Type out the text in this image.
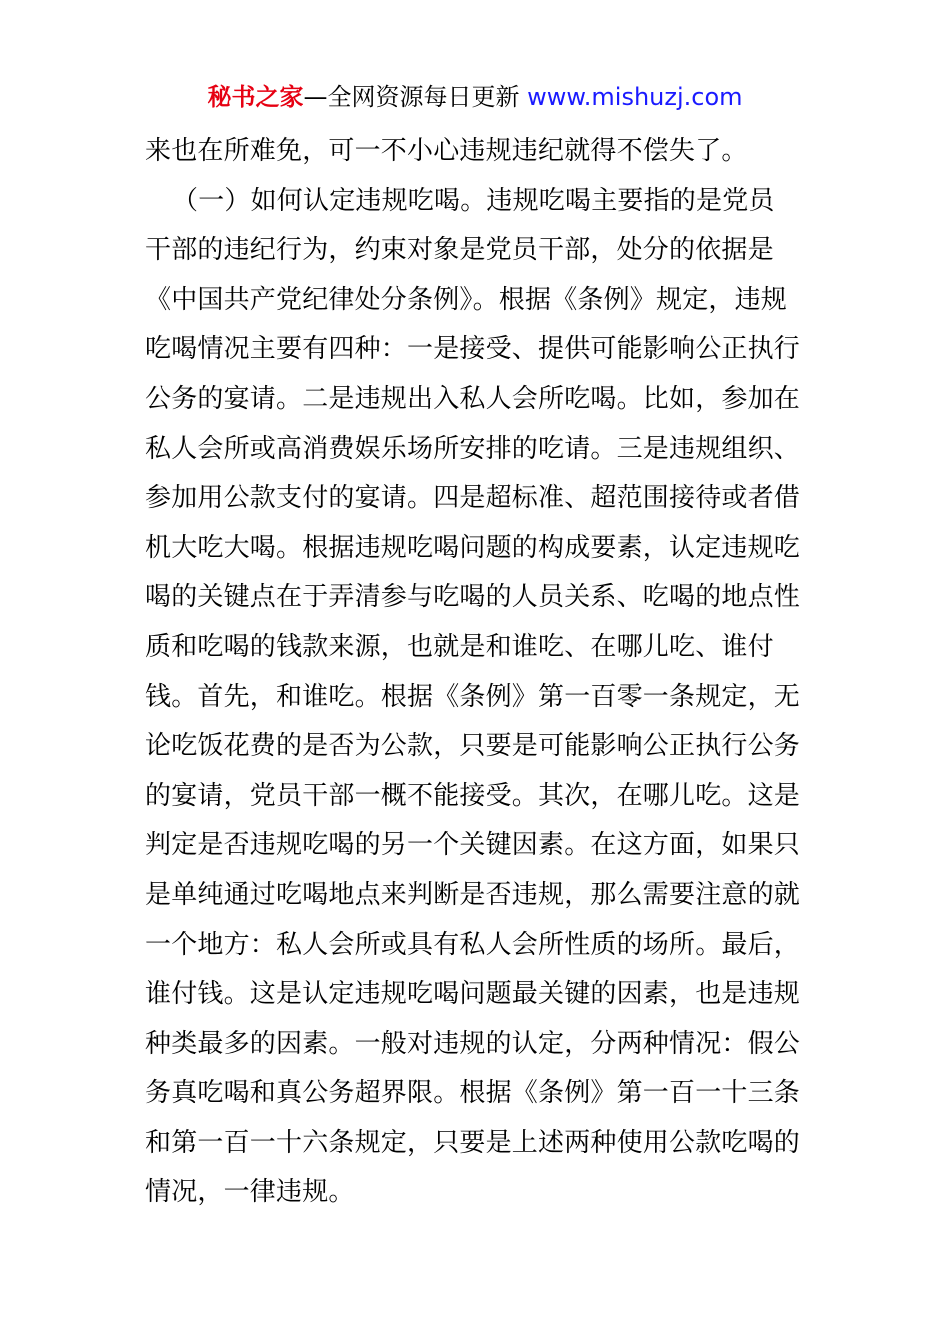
秘书之家—全网资源每日更新 www.mishuzj.com
来也在所难免，可一不小心违规违纪就得不偿失了。
（一）如何认定违规吃喝。违规吃喝主要指的是党员
干部的违纪行为，约束对象是党员干部，处分的依据是
《中国共产党纪律处分条例》。根据《条例》规定，违规
吃喝情况主要有四种：一是接受、提供可能影响公正执行
公务的宴请。二是违规出入私人会所吃喝。比如，参加在
私人会所或高消费娱乐场所安排的吃请。三是违规组织、
参加用公款支付的宴请。四是超标准、超范围接待或者借
机大吃大喝。根据违规吃喝问题的构成要素，认定违规吃
喝的关键点在于弄清参与吃喝的人员关系、吃喝的地点性
质和吃喝的钱款来源，也就是和谁吃、在哪儿吃、谁付
钱。首先，和谁吃。根据《条例》第一百零一条规定，无
论吃饭花费的是否为公款，只要是可能影响公正执行公务
的宴请，党员干部一概不能接受。其次，在哪儿吃。这是
判定是否违规吃喝的另一个关键因素。在这方面，如果只
是单纯通过吃喝地点来判断是否违规，那么需要注意的就
一个地方：私人会所或具有私人会所性质的场所。最后，
谁付钱。这是认定违规吃喝问题最关键的因素，也是违规
种类最多的因素。一般对违规的认定，分两种情况：假公
务真吃喝和真公务超界限。根据《条例》第一百一十三条
和第一百一十六条规定，只要是上述两种使用公款吃喝的
情况，一律违规。
